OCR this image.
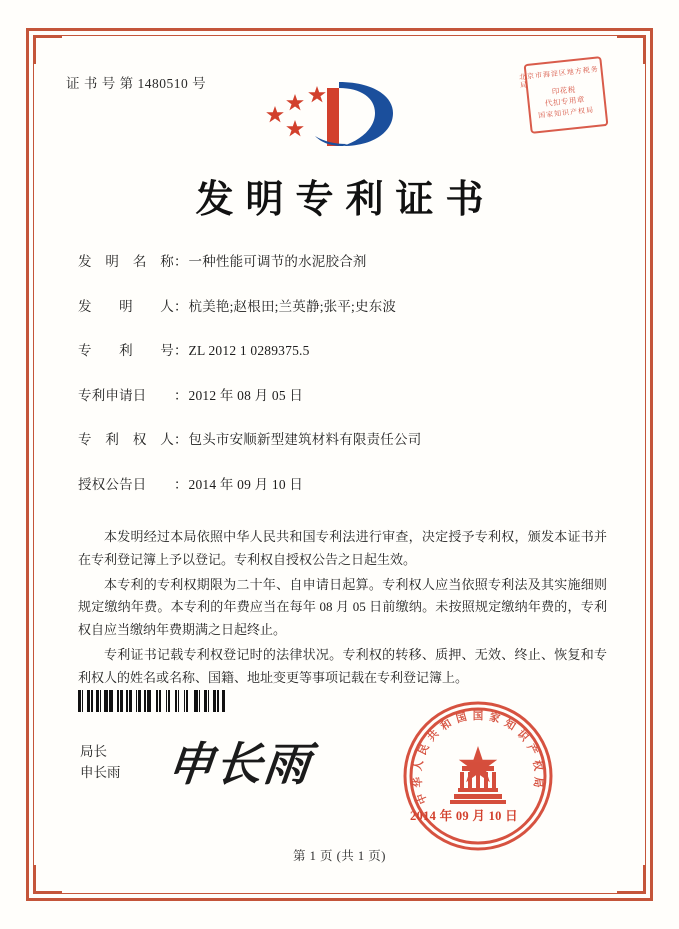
证 书 号 第 1480510 号
北京市海淀区地方税务局	印花税
代扣专用章
国家知识产权局
发明专利证书
发 明 名 称 ： 一种性能可调节的水泥胶合剂
发 明 人 ： 杭美艳;赵根田;兰英静;张平;史东波
专 利 号 ： ZL 2012 1 0289375.5
专利申请日	： 2012 年 08 月 05 日
专 利 权 人 ： 包头市安顺新型建筑材料有限责任公司
授权公告日	： 2014 年 09 月 10 日

本发明经过本局依照中华人民共和国专利法进行审查，决定授予专利权，颁发本证书并在专利登记簿上予以登记。专利权自授权公告之日起生效。

本专利的专利权期限为二十年、自申请日起算。专利权人应当依照专利法及其实施细则规定缴纳年费。本专利的年费应当在每年 08 月 05 日前缴纳。未按照规定缴纳年费的，专利权自应当缴纳年费期满之日起终止。

专利证书记载专利权登记时的法律状况。专利权的转移、质押、无效、终止、恢复和专利权人的姓名或名称、国籍、地址变更等事项记载在专利登记簿上。

局长
申长雨 申长雨
中
华
人
民
共
和 国 国 家 知
识
产
权
局
2014 年 09 月 10 日
第 1 页 (共 1 页)
